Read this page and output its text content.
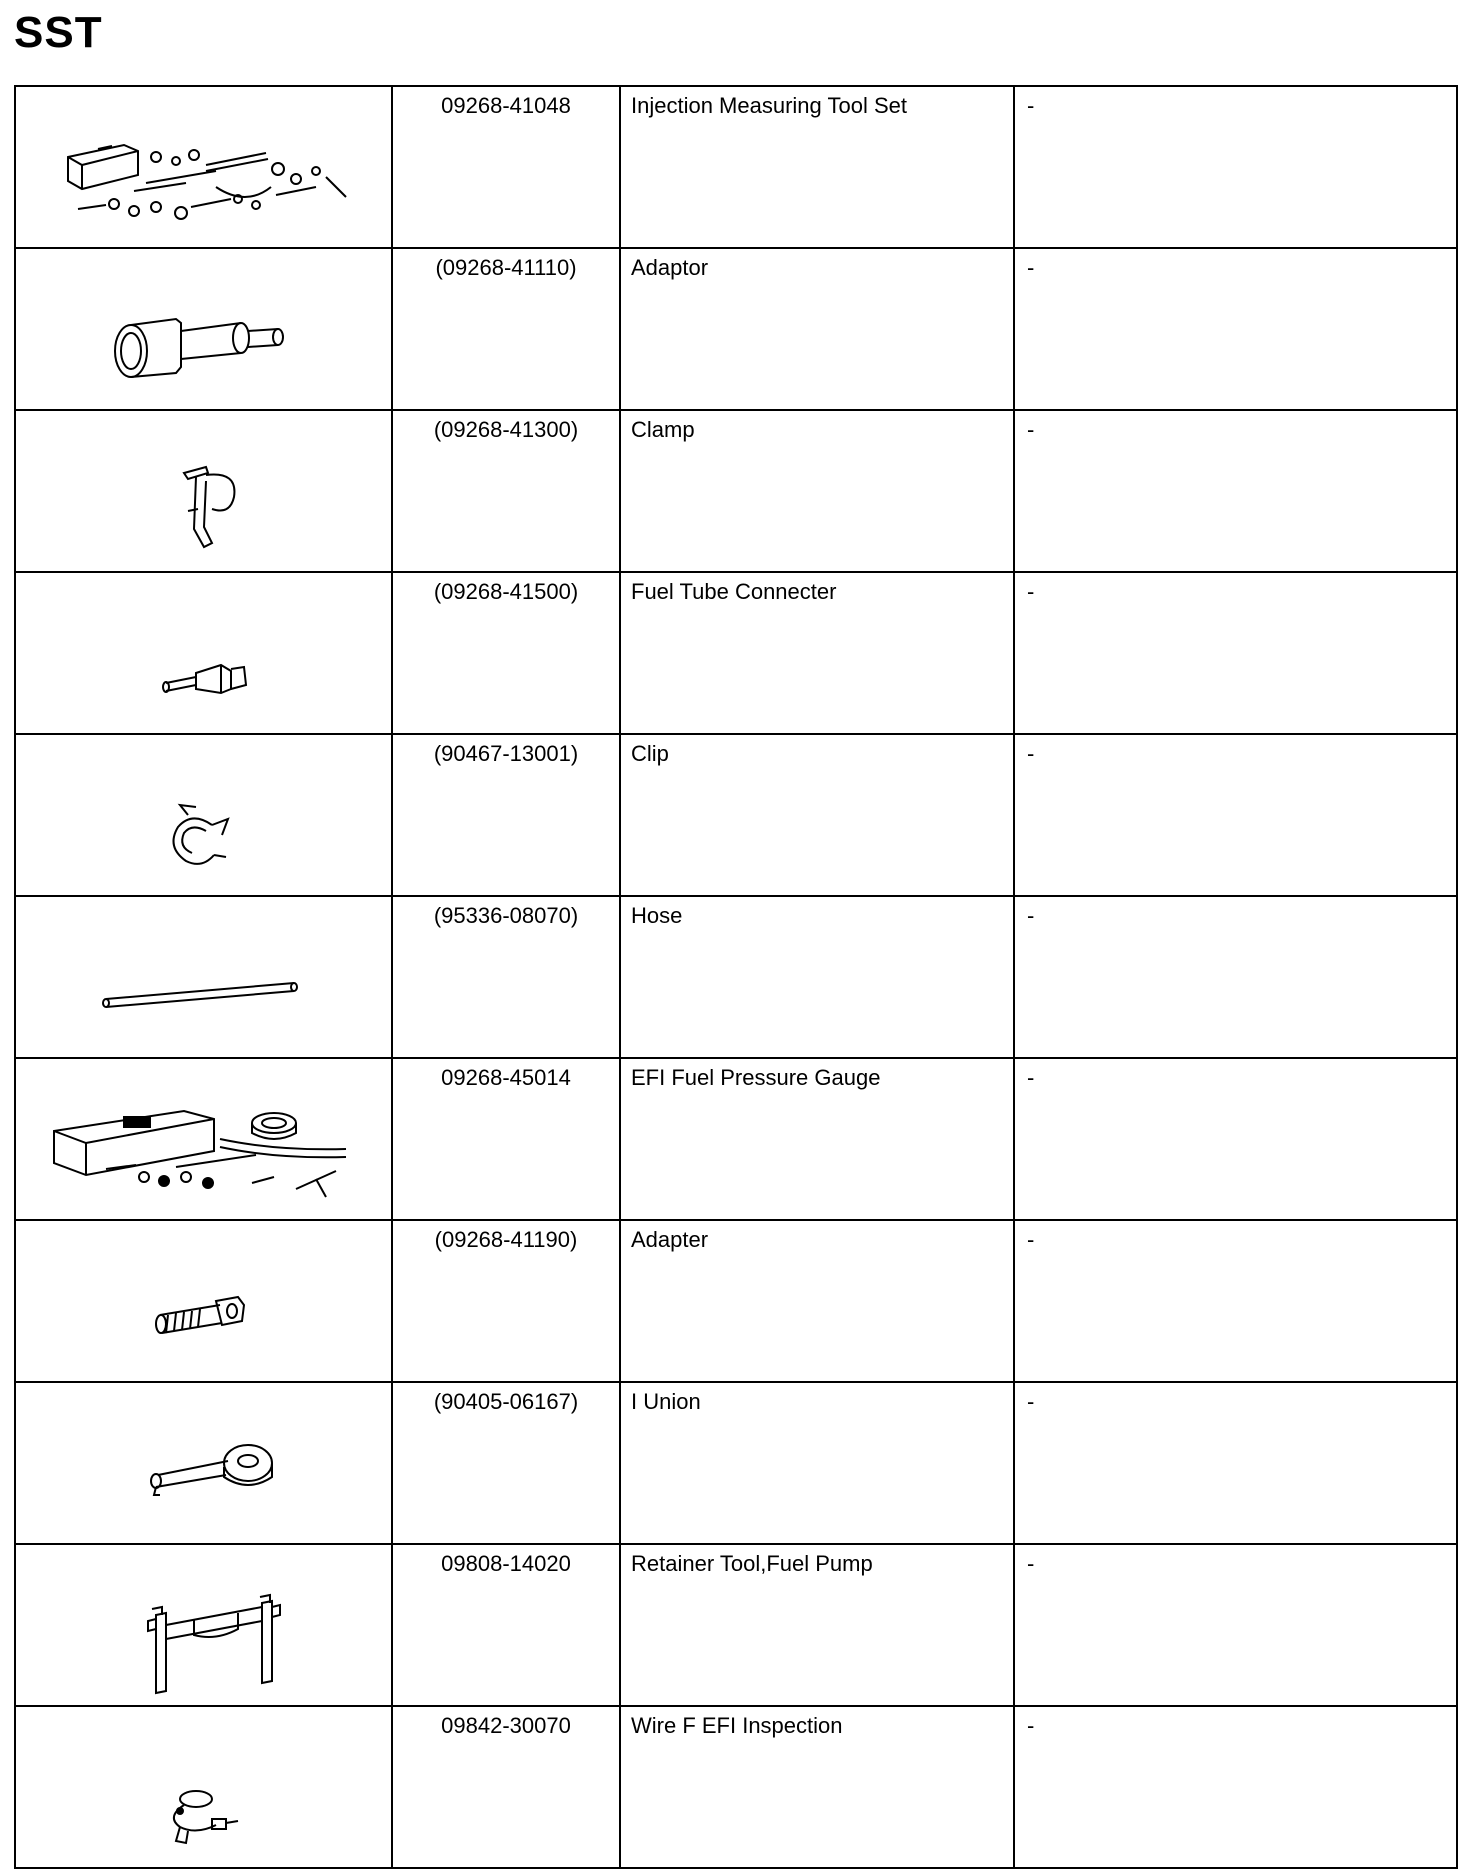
SST

09268-41048	Injection Measuring Tool Set	-

(09268-41110)	Adaptor	-

(09268-41300)	Clamp	-

(09268-41500)	Fuel Tube Connecter	-

(90467-13001)	Clip	-

(95336-08070)	Hose	-

09268-45014	EFI Fuel Pressure Gauge	-

(09268-41190)	Adapter	-

(90405-06167)	I Union	-

09808-14020	Retainer Tool,Fuel Pump	-

09842-30070	Wire F EFI Inspection	-
